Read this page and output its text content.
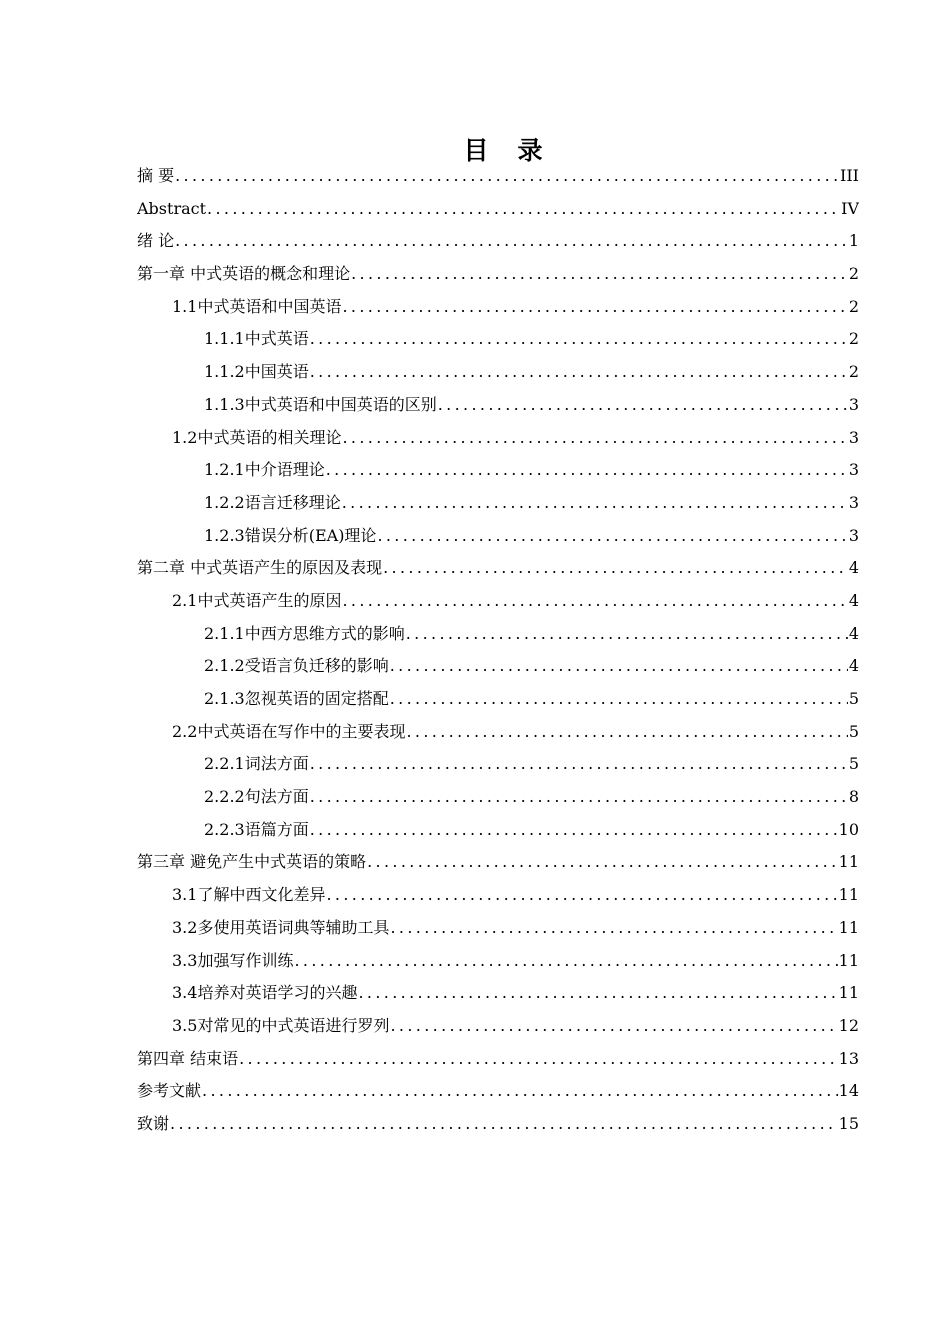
目　录
摘 要 .....	III
Abstract .....	IV
绪 论 .....	1
第一章 中式英语的概念和理论 .....	2
1.1中式英语和中国英语 .....	2
1.1.1中式英语 .....	2
1.1.2中国英语 .....	2
1.1.3中式英语和中国英语的区别 .....	3
1.2中式英语的相关理论 .....	3
1.2.1中介语理论 .....	3
1.2.2语言迁移理论 .....	3
1.2.3错误分析(EA)理论 .....	3
第二章 中式英语产生的原因及表现 .....	4
2.1中式英语产生的原因 .....	4
2.1.1中西方思维方式的影响 .....	4
2.1.2受语言负迁移的影响 .....	4
2.1.3忽视英语的固定搭配 .....	5
2.2中式英语在写作中的主要表现 .....	5
2.2.1词法方面 .....	5
2.2.2句法方面 .....	8
2.2.3语篇方面 .....	10
第三章 避免产生中式英语的策略 .....	11
3.1了解中西文化差异 .....	11
3.2多使用英语词典等辅助工具 .....	11
3.3加强写作训练 .....	11
3.4培养对英语学习的兴趣 .....	11
3.5对常见的中式英语进行罗列 .....	12
第四章 结束语 .....	13
参考文献 .....	14
致谢 .....	15
